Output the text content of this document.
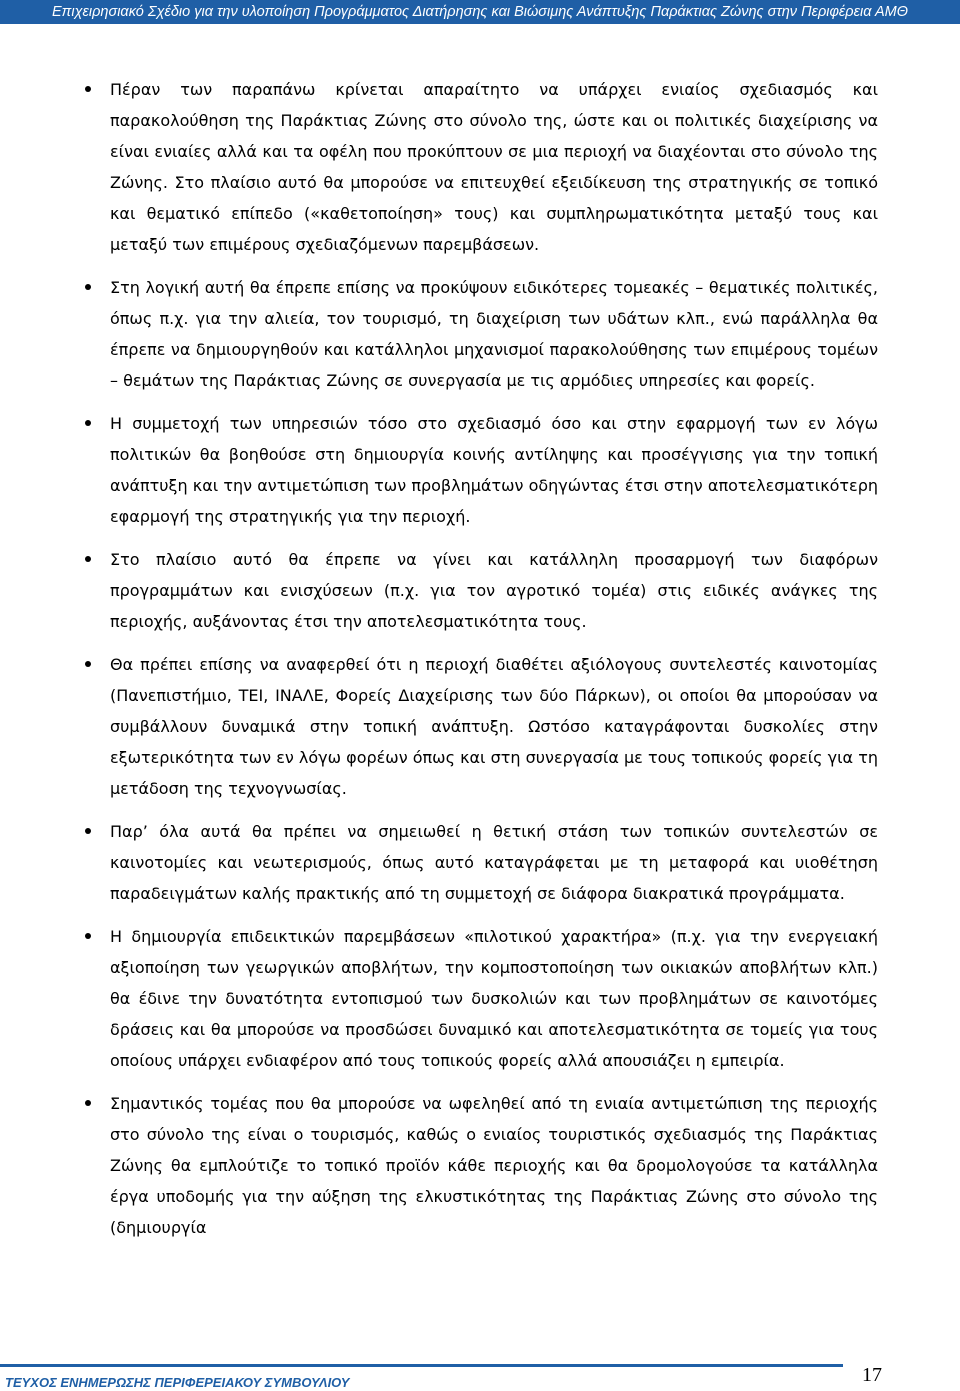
Επιχειρησιακό Σχέδιο για την υλοποίηση Προγράμματος Διατήρησης και Βιώσιμης Ανάπτυξης Παράκτιας Ζώνης στην Περιφέρεια ΑΜΘ
Πέραν των παραπάνω κρίνεται απαραίτητο να υπάρχει ενιαίος σχεδιασμός και παρακολούθηση της Παράκτιας Ζώνης στο σύνολο της, ώστε και οι πολιτικές διαχείρισης να είναι ενιαίες αλλά και τα οφέλη που προκύπτουν σε μια περιοχή να διαχέονται στο σύνολο της Ζώνης. Στο πλαίσιο αυτό θα μπορούσε να επιτευχθεί εξειδίκευση της στρατηγικής σε τοπικό και θεματικό επίπεδο («καθετοποίηση» τους) και συμπληρωματικότητα μεταξύ τους και μεταξύ των επιμέρους σχεδιαζόμενων παρεμβάσεων.
Στη λογική αυτή θα έπρεπε επίσης να προκύψουν ειδικότερες τομεακές – θεματικές πολιτικές, όπως π.χ. για την αλιεία, τον τουρισμό, τη διαχείριση των υδάτων κλπ., ενώ παράλληλα θα έπρεπε να δημιουργηθούν και κατάλληλοι μηχανισμοί παρακολούθησης των επιμέρους τομέων – θεμάτων της Παράκτιας Ζώνης σε συνεργασία με τις αρμόδιες υπηρεσίες και φορείς.
Η συμμετοχή των υπηρεσιών τόσο στο σχεδιασμό όσο και στην εφαρμογή των εν λόγω πολιτικών θα βοηθούσε στη δημιουργία κοινής αντίληψης και προσέγγισης για την τοπική ανάπτυξη και την αντιμετώπιση των προβλημάτων οδηγώντας έτσι στην αποτελεσματικότερη εφαρμογή της στρατηγικής για την περιοχή.
Στο πλαίσιο αυτό θα έπρεπε να γίνει και κατάλληλη προσαρμογή των διαφόρων προγραμμάτων και ενισχύσεων (π.χ. για τον αγροτικό τομέα) στις ειδικές ανάγκες της περιοχής, αυξάνοντας έτσι την αποτελεσματικότητα τους.
Θα πρέπει επίσης να αναφερθεί ότι η περιοχή διαθέτει αξιόλογους συντελεστές καινοτομίας (Πανεπιστήμιο, ΤΕΙ, ΙΝΑΛΕ, Φορείς Διαχείρισης των δύο Πάρκων), οι οποίοι θα μπορούσαν να συμβάλλουν δυναμικά στην τοπική ανάπτυξη. Ωστόσο καταγράφονται δυσκολίες στην εξωτερικότητα των εν λόγω φορέων όπως και στη συνεργασία με τους τοπικούς φορείς για τη μετάδοση της τεχνογνωσίας.
Παρ’ όλα αυτά θα πρέπει να σημειωθεί η θετική στάση των τοπικών συντελεστών σε καινοτομίες και νεωτερισμούς, όπως αυτό καταγράφεται με τη μεταφορά και υιοθέτηση παραδειγμάτων καλής πρακτικής από τη συμμετοχή σε διάφορα διακρατικά προγράμματα.
Η δημιουργία επιδεικτικών παρεμβάσεων «πιλοτικού χαρακτήρα» (π.χ. για την ενεργειακή αξιοποίηση των γεωργικών αποβλήτων, την κομποστοποίηση των οικιακών αποβλήτων κλπ.) θα έδινε την δυνατότητα εντοπισμού των δυσκολιών και των προβλημάτων σε καινοτόμες δράσεις και θα μπορούσε να προσδώσει δυναμικό και αποτελεσματικότητα σε τομείς για τους οποίους υπάρχει ενδιαφέρον από τους τοπικούς φορείς αλλά απουσιάζει η εμπειρία.
Σημαντικός τομέας που θα μπορούσε να ωφεληθεί από τη ενιαία αντιμετώπιση της περιοχής στο σύνολο της είναι ο τουρισμός, καθώς ο ενιαίος τουριστικός σχεδιασμός της Παράκτιας Ζώνης θα εμπλούτιζε το τοπικό προϊόν κάθε περιοχής και θα δρομολογούσε τα κατάλληλα έργα υποδομής για την αύξηση της ελκυστικότητας της Παράκτιας Ζώνης στο σύνολο της (δημιουργία
ΤΕΥΧΟΣ ΕΝΗΜΕΡΩΣΗΣ ΠΕΡΙΦΕΡΕΙΑΚΟΥ ΣΥΜΒΟΥΛΙΟΥ	17
